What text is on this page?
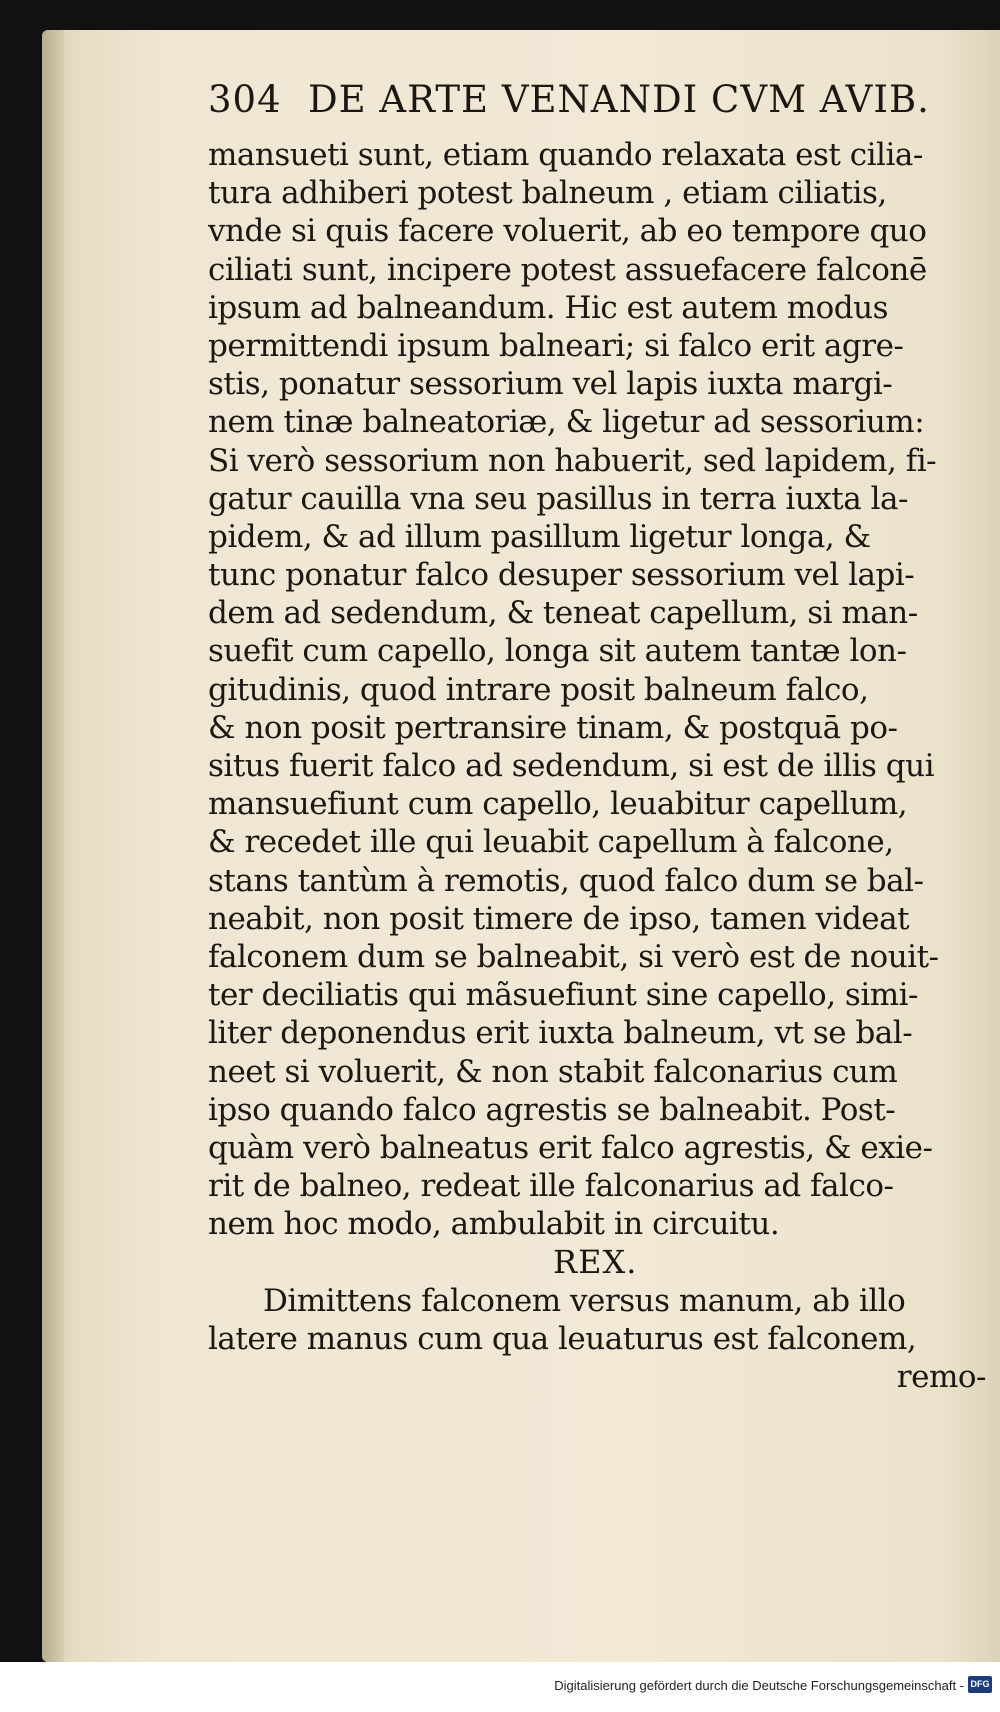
304 DE ARTE VENANDI CVM AVIB.
mansueti sunt, etiam quando relaxata est cilia-
tura adhiberi potest balneum , etiam ciliatis,
vnde si quis facere voluerit, ab eo tempore quo
ciliati sunt, incipere potest assuefacere falconē
ipsum ad balneandum. Hic est autem modus
permittendi ipsum balneari; si falco erit agre-
stis, ponatur sessorium vel lapis iuxta margi-
nem tinæ balneatoriæ, & ligetur ad sessorium:
Si verò sessorium non habuerit, sed lapidem, fi-
gatur cauilla vna seu pasillus in terra iuxta la-
pidem, & ad illum pasillum ligetur longa, &
tunc ponatur falco desuper sessorium vel lapi-
dem ad sedendum, & teneat capellum, si man-
suefit cum capello, longa sit autem tantæ lon-
gitudinis, quod intrare posit balneum falco,
& non posit pertransire tinam, & postquā po-
situs fuerit falco ad sedendum, si est de illis qui
mansuefiunt cum capello, leuabitur capellum,
& recedet ille qui leuabit capellum à falcone,
stans tantùm à remotis, quod falco dum se bal-
neabit, non posit timere de ipso, tamen videat
falconem dum se balneabit, si verò est de nouit-
ter deciliatis qui mãsuefiunt sine capello, simi-
liter deponendus erit iuxta balneum, vt se bal-
neet si voluerit, & non stabit falconarius cum
ipso quando falco agrestis se balneabit. Post-
quàm verò balneatus erit falco agrestis, & exie-
rit de balneo, redeat ille falconarius ad falco-
nem hoc modo, ambulabit in circuitu.
REX.
Dimittens falconem versus manum, ab illo
latere manus cum qua leuaturus est falconem,
remo-
Digitalisierung gefördert durch die Deutsche Forschungsgemeinschaft - DFG
